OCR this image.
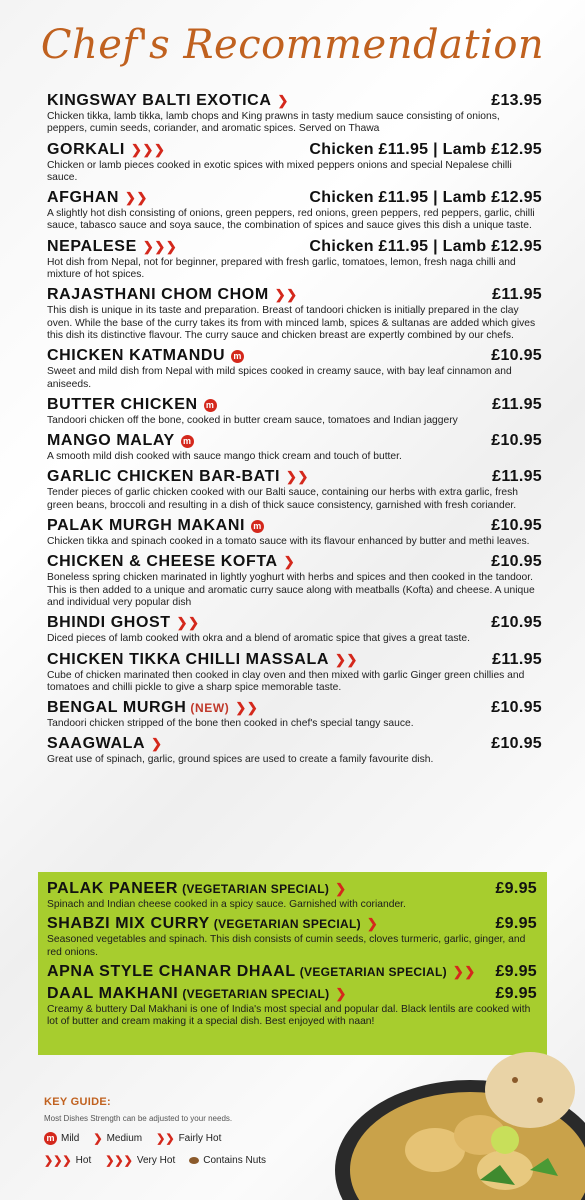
Chef's Recommendation
KINGSWAY BALTI EXOTICA ❯	£13.95
Chicken tikka, lamb tikka, lamb chops and King prawns in tasty medium sauce consisting of onions, peppers, cumin seeds, coriander, and aromatic spices. Served on Thawa
GORKALI ❯❯❯	Chicken £11.95 | Lamb £12.95
Chicken or lamb pieces cooked in exotic spices with mixed peppers onions and special Nepalese chilli sauce.
AFGHAN ❯❯	Chicken £11.95 | Lamb £12.95
A slightly hot dish consisting of onions, green peppers, red onions, green peppers, red peppers, garlic, chilli sauce, tabasco sauce and soya sauce, the combination of spices and sauce gives this dish a unique taste.
NEPALESE ❯❯❯	Chicken £11.95 | Lamb £12.95
Hot dish from Nepal, not for beginner, prepared with fresh garlic, tomatoes, lemon, fresh naga chilli and mixture of hot spices.
RAJASTHANI CHOM CHOM ❯❯	£11.95
This dish is unique in its taste and preparation. Breast of tandoori chicken is initially prepared in the clay oven. While the base of the curry takes its from with minced lamb, spices & sultanas are added which gives this dish its distinctive flavour. The curry sauce and chicken breast are expertly combined by our chefs.
CHICKEN KATMANDU m	£10.95
Sweet and mild dish from Nepal with mild spices cooked in creamy sauce, with bay leaf cinnamon and aniseeds.
BUTTER CHICKEN m	£11.95
Tandoori chicken off the bone, cooked in butter cream sauce, tomatoes and Indian jaggery
MANGO MALAY m	£10.95
A smooth mild dish cooked with sauce mango thick cream and touch of butter.
GARLIC CHICKEN BAR-BATI ❯❯	£11.95
Tender pieces of garlic chicken cooked with our Balti sauce, containing our herbs with extra garlic, fresh green beans, broccoli and resulting in a dish of thick sauce consistency, garnished with fresh coriander.
PALAK MURGH MAKANI m	£10.95
Chicken tikka and spinach cooked in a tomato sauce with its flavour enhanced by butter and methi leaves.
CHICKEN & CHEESE KOFTA ❯	£10.95
Boneless spring chicken marinated in lightly yoghurt with herbs and spices and then cooked in the tandoor. This is then added to a unique and aromatic curry sauce along with meatballs (Kofta) and cheese. A unique and individual very popular dish
BHINDI GHOST ❯❯	£10.95
Diced pieces of lamb cooked with okra and a blend of aromatic spice that gives a great taste.
CHICKEN TIKKA CHILLI MASSALA ❯❯	£11.95
Cube of chicken marinated then cooked in clay oven and then mixed with garlic Ginger green chillies and tomatoes and chilli pickle to give a sharp spice memorable taste.
BENGAL MURGH (NEW) ❯❯	£10.95
Tandoori chicken stripped of the bone then cooked in chef's special tangy sauce.
SAAGWALA ❯	£10.95
Great use of spinach, garlic, ground spices are used to create a family favourite dish.
PALAK PANEER (VEGETARIAN SPECIAL) ❯	£9.95
Spinach and Indian cheese cooked in a spicy sauce. Garnished with coriander.
SHABZI MIX CURRY (VEGETARIAN SPECIAL) ❯	£9.95
Seasoned vegetables and spinach. This dish consists of cumin seeds, cloves turmeric, garlic, ginger, and red onions.
APNA STYLE CHANAR DHAAL (VEGETARIAN SPECIAL) ❯❯ £9.95
DAAL MAKHANI (VEGETARIAN SPECIAL) ❯	£9.95
Creamy & buttery Dal Makhani is one of India's most special and popular dal. Black lentils are cooked with lot of butter and cream making it a special dish. Best enjoyed with naan!
KEY GUIDE:
Most Dishes Strength can be adjusted to your needs.
m Mild ❯ Medium ❯❯ Fairly Hot
❯❯❯ Hot ❯❯❯ Very Hot	Contains Nuts
